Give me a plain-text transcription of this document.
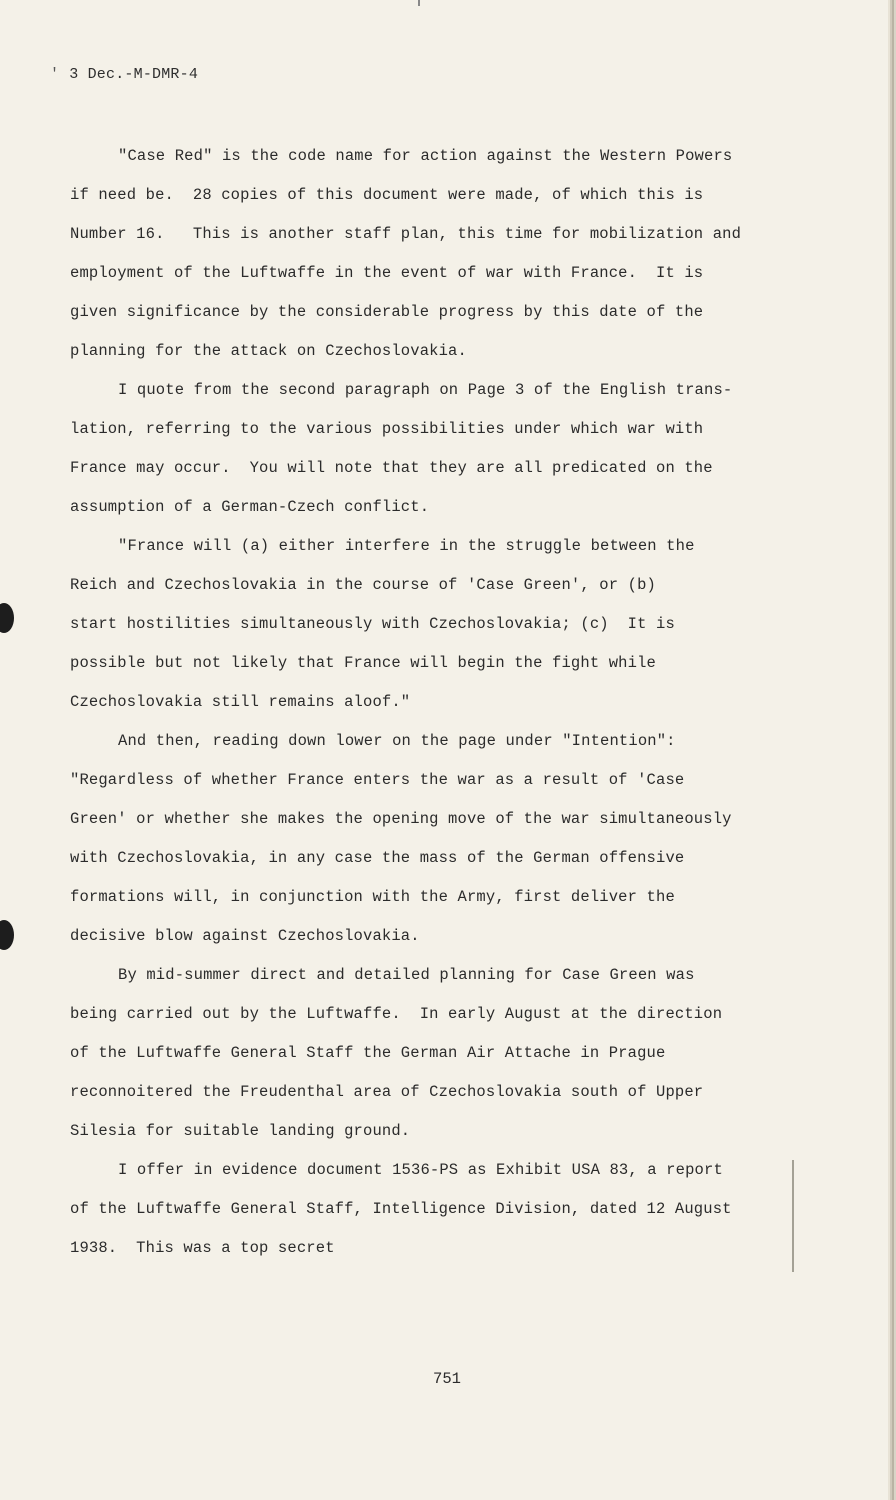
' 3 Dec.-M-DMR-4
"Case Red" is the code name for action against the Western Powers
if need be.  28 copies of this document were made, of which this is
Number 16.   This is another staff plan, this time for mobilization and
employment of the Luftwaffe in the event of war with France.  It is
given significance by the considerable progress by this date of the
planning for the attack on Czechoslovakia.
I quote from the second paragraph on Page 3 of the English trans-
lation, referring to the various possibilities under which war with
France may occur.  You will note that they are all predicated on the
assumption of a German-Czech conflict.
"France will (a) either interfere in the struggle between the
Reich and Czechoslovakia in the course of 'Case Green', or (b)
start hostilities simultaneously with Czechoslovakia; (c)  It is
possible but not likely that France will begin the fight while
Czechoslovakia still remains aloof."
And then, reading down lower on the page under "Intention":
"Regardless of whether France enters the war as a result of 'Case
Green' or whether she makes the opening move of the war simultaneously
with Czechoslovakia, in any case the mass of the German offensive
formations will, in conjunction with the Army, first deliver the
decisive blow against Czechoslovakia.
By mid-summer direct and detailed planning for Case Green was
being carried out by the Luftwaffe.  In early August at the direction
of the Luftwaffe General Staff the German Air Attache in Prague
reconnoitered the Freudenthal area of Czechoslovakia south of Upper
Silesia for suitable landing ground.
I offer in evidence document 1536-PS as Exhibit USA 83, a report
of the Luftwaffe General Staff, Intelligence Division, dated 12 August
1938.  This was a top secret
751
